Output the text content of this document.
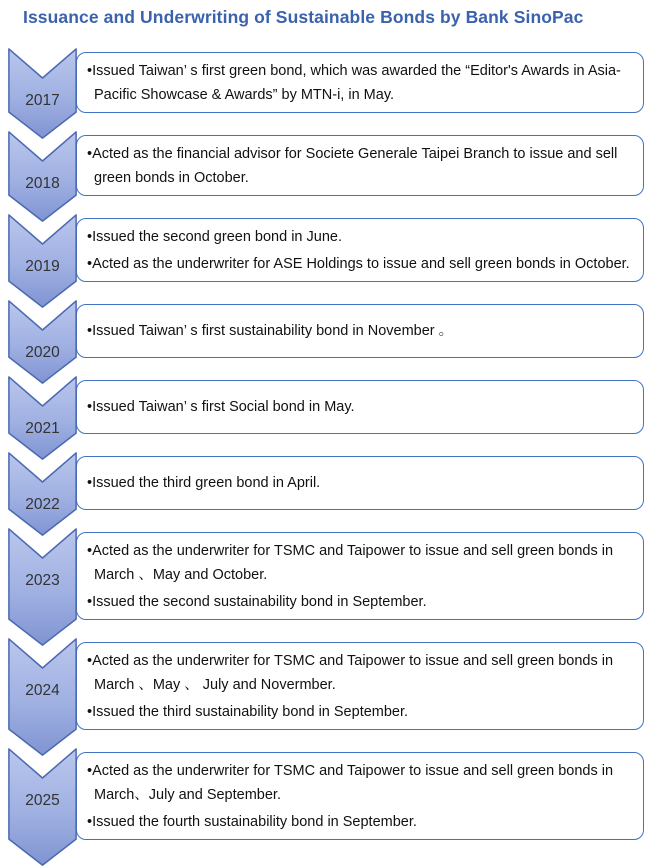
Issuance and Underwriting of Sustainable Bonds by Bank SinoPac
2017
•Issued Taiwan’ s first green bond, which was awarded the “Editor's Awards in Asia-Pacific Showcase & Awards” by MTN-i, in May.
2018
•Acted as the financial advisor for Societe Generale Taipei Branch to issue and sell green bonds in October.
2019
•Issued the second green bond in June.
•Acted as the underwriter for ASE Holdings to issue and sell green bonds in October.
2020
•Issued Taiwan’ s first sustainability bond in November 。
2021
•Issued Taiwan’ s first Social bond in May.
2022
•Issued the third green bond in April.
2023
•Acted as the underwriter for TSMC and Taipower to issue and sell green bonds in March 、May and October.
•Issued the second sustainability bond in September.
2024
•Acted as the underwriter for TSMC and Taipower to issue and sell green bonds in March 、May 、 July and Novermber.
•Issued the third sustainability bond in September.
2025
•Acted as the underwriter for TSMC and Taipower to issue and sell green bonds in March、July and September.
•Issued the fourth sustainability bond in September.
